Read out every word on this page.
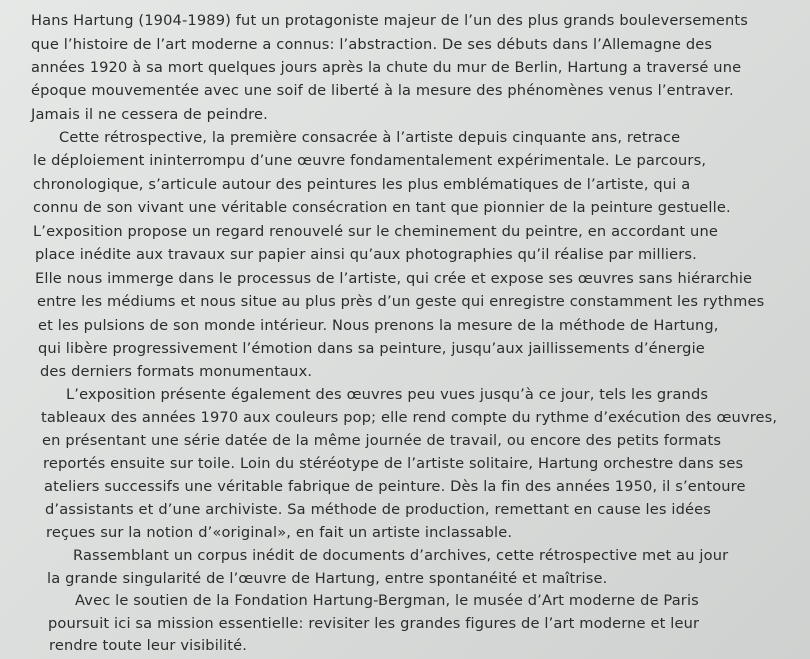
Hans Hartung (1904-1989) fut un protagoniste majeur de l’un des plus grands bouleversements
que l’histoire de l’art moderne a connus: l’abstraction. De ses débuts dans l’Allemagne des
années 1920 à sa mort quelques jours après la chute du mur de Berlin, Hartung a traversé une
époque mouvementée avec une soif de liberté à la mesure des phénomènes venus l’entraver.
Jamais il ne cessera de peindre.
Cette rétrospective, la première consacrée à l’artiste depuis cinquante ans, retrace
le déploiement ininterrompu d’une œuvre fondamentalement expérimentale. Le parcours,
chronologique, s’articule autour des peintures les plus emblématiques de l’artiste, qui a
connu de son vivant une véritable consécration en tant que pionnier de la peinture gestuelle.
L’exposition propose un regard renouvelé sur le cheminement du peintre, en accordant une
place inédite aux travaux sur papier ainsi qu’aux photographies qu’il réalise par milliers.
Elle nous immerge dans le processus de l’artiste, qui crée et expose ses œuvres sans hiérarchie
entre les médiums et nous situe au plus près d’un geste qui enregistre constamment les rythmes
et les pulsions de son monde intérieur. Nous prenons la mesure de la méthode de Hartung,
qui libère progressivement l’émotion dans sa peinture, jusqu’aux jaillissements d’énergie
des derniers formats monumentaux.
L’exposition présente également des œuvres peu vues jusqu’à ce jour, tels les grands
tableaux des années 1970 aux couleurs pop; elle rend compte du rythme d’exécution des œuvres,
en présentant une série datée de la même journée de travail, ou encore des petits formats
reportés ensuite sur toile. Loin du stéréotype de l’artiste solitaire, Hartung orchestre dans ses
ateliers successifs une véritable fabrique de peinture. Dès la fin des années 1950, il s’entoure
d’assistants et d’une archiviste. Sa méthode de production, remettant en cause les idées
reçues sur la notion d’«original», en fait un artiste inclassable.
Rassemblant un corpus inédit de documents d’archives, cette rétrospective met au jour
la grande singularité de l’œuvre de Hartung, entre spontanéité et maîtrise.
Avec le soutien de la Fondation Hartung-Bergman, le musée d’Art moderne de Paris
poursuit ici sa mission essentielle: revisiter les grandes figures de l’art moderne et leur
rendre toute leur visibilité.
